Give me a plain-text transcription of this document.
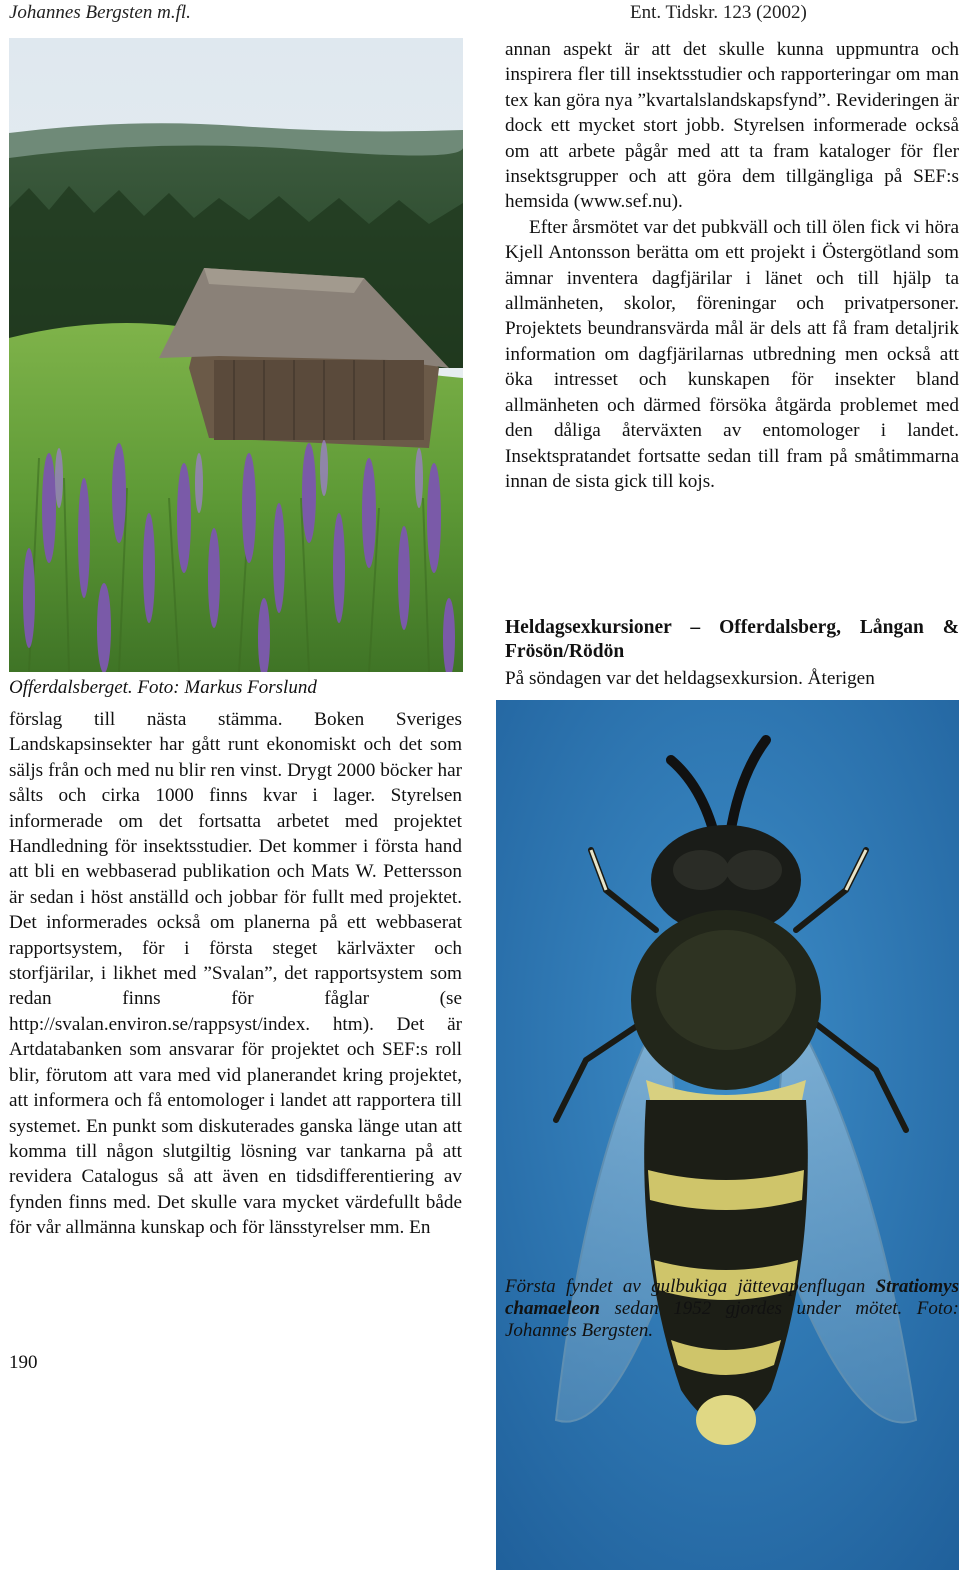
Johannes Bergsten m.fl.	Ent. Tidskr. 123 (2002)
Offerdalsberget. Foto: Markus Forslund

förslag till nästa stämma. Boken Sveriges Landskapsinsekter har gått runt ekonomiskt och det som säljs från och med nu blir ren vinst. Drygt 2000 böcker har sålts och cirka 1000 finns kvar i lager. Styrelsen informerade om det fortsatta arbetet med projektet Handledning för insektsstudier. Det kommer i första hand att bli en webbaserad publikation och Mats W. Pettersson är sedan i höst anställd och jobbar för fullt med projektet. Det informerades också om planerna på ett webbaserat rapportsystem, för i första steget kärlväxter och storfjärilar, i likhet med ”Svalan”, det rapportsystem som redan finns för fåglar (se http://svalan.environ.se/rappsyst/index. htm). Det är Artdatabanken som ansvarar för projektet och SEF:s roll blir, förutom att vara med vid planerandet kring projektet, att informera och få entomologer i landet att rapportera till systemet. En punkt som diskuterades ganska länge utan att komma till någon slutgiltig lösning var tankarna på att revidera Catalogus så att även en tidsdifferentiering av fynden finns med. Det skulle vara mycket värdefullt både för vår allmänna kunskap och för länsstyrelser mm. En

annan aspekt är att det skulle kunna uppmuntra och inspirera fler till insektsstudier och rapporteringar om man tex kan göra nya ”kvartalslandskapsfynd”. Revideringen är dock ett mycket stort jobb. Styrelsen informerade också om att arbete pågår med att ta fram kataloger för fler insektsgrupper och att göra dem tillgängliga på SEF:s hemsida (www.sef.nu).

Efter årsmötet var det pubkväll och till ölen fick vi höra Kjell Antonsson berätta om ett projekt i Östergötland som ämnar inventera dagfjärilar i länet och till hjälp ta allmänheten, skolor, föreningar och privatpersoner. Projektets beundransvärda mål är dels att få fram detaljrik information om dagfjärilarnas utbredning men också att öka intresset och kunskapen för insekter bland allmänheten och därmed försöka åtgärda problemet med den dåliga återväxten av entomologer i landet. Insektspratandet fortsatte sedan till fram på småtimmarna innan de sista gick till kojs.

Heldagsexkursioner – Offerdalsberg, Långan & Frösön/Rödön

På söndagen var det heldagsexkursion. Återigen

Första fyndet av gulbukiga jättevapenflugan Stratiomys chamaeleon sedan 1952 gjordes under mötet. Foto: Johannes Bergsten.
190
